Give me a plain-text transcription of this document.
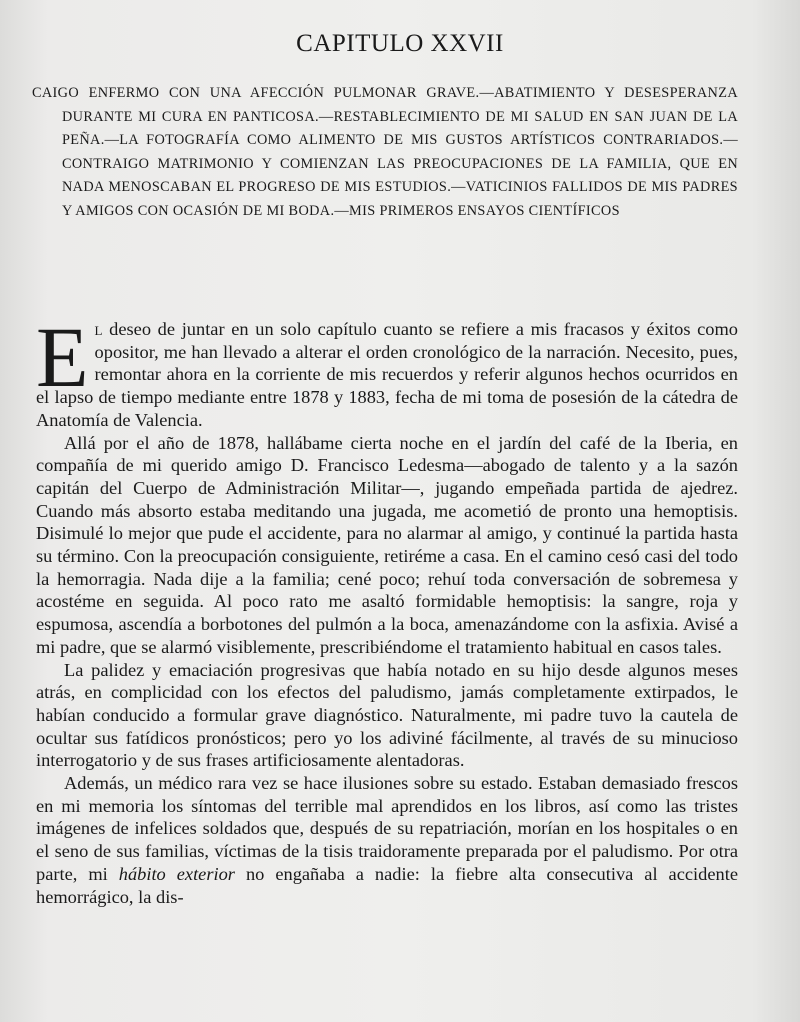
CAPITULO XXVII

CAIGO ENFERMO CON UNA AFECCIÓN PULMONAR GRAVE.—ABATIMIENTO Y DESESPERANZA DURANTE MI CURA EN PANTICOSA.—RESTABLECIMIENTO DE MI SALUD EN SAN JUAN DE LA PEÑA.—LA FOTOGRAFÍA COMO ALIMENTO DE MIS GUSTOS ARTÍSTICOS CONTRARIADOS.—CONTRAIGO MATRIMONIO Y COMIENZAN LAS PREOCUPACIONES DE LA FAMILIA, QUE EN NADA MENOSCABAN EL PROGRESO DE MIS ESTUDIOS.—VATICINIOS FALLIDOS DE MIS PADRES Y AMIGOS CON OCASIÓN DE MI BODA.—MIS PRIMEROS ENSAYOS CIENTÍFICOS

El deseo de juntar en un solo capítulo cuanto se refiere a mis fracasos y éxitos como opositor, me han llevado a alterar el orden cronológico de la narración. Necesito, pues, remontar ahora en la corriente de mis recuerdos y referir algunos hechos ocurridos en el lapso de tiempo mediante entre 1878 y 1883, fecha de mi toma de posesión de la cátedra de Anatomía de Valencia.

Allá por el año de 1878, hallábame cierta noche en el jardín del café de la Iberia, en compañía de mi querido amigo D. Francisco Ledesma—abogado de talento y a la sazón capitán del Cuerpo de Administración Militar—, jugando empeñada partida de ajedrez. Cuando más absorto estaba meditando una jugada, me acometió de pronto una hemoptisis. Disimulé lo mejor que pude el accidente, para no alarmar al amigo, y continué la partida hasta su término. Con la preocupación consiguiente, retiréme a casa. En el camino cesó casi del todo la hemorragia. Nada dije a la familia; cené poco; rehuí toda conversación de sobremesa y acostéme en seguida. Al poco rato me asaltó formidable hemoptisis: la sangre, roja y espumosa, ascendía a borbotones del pulmón a la boca, amenazándome con la asfixia. Avisé a mi padre, que se alarmó visiblemente, prescribiéndome el tratamiento habitual en casos tales.

La palidez y emaciación progresivas que había notado en su hijo desde algunos meses atrás, en complicidad con los efectos del paludismo, jamás completamente extirpados, le habían conducido a formular grave diagnóstico. Naturalmente, mi padre tuvo la cautela de ocultar sus fatídicos pronósticos; pero yo los adiviné fácilmente, al través de su minucioso interrogatorio y de sus frases artificiosamente alentadoras.

Además, un médico rara vez se hace ilusiones sobre su estado. Estaban demasiado frescos en mi memoria los síntomas del terrible mal aprendidos en los libros, así como las tristes imágenes de infelices soldados que, después de su repatriación, morían en los hospitales o en el seno de sus familias, víctimas de la tisis traidoramente preparada por el paludismo. Por otra parte, mi hábito exterior no engañaba a nadie: la fiebre alta consecutiva al accidente hemorrágico, la dis-
